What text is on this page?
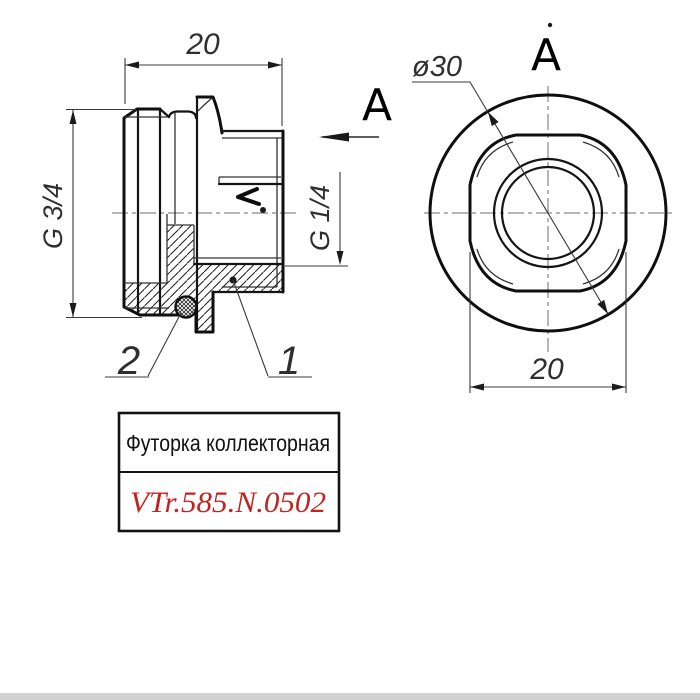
20
G 3/4	G 1/4
A
1
2
ø30 A
20
Футорка коллекторная
VTr.585.N.0502
